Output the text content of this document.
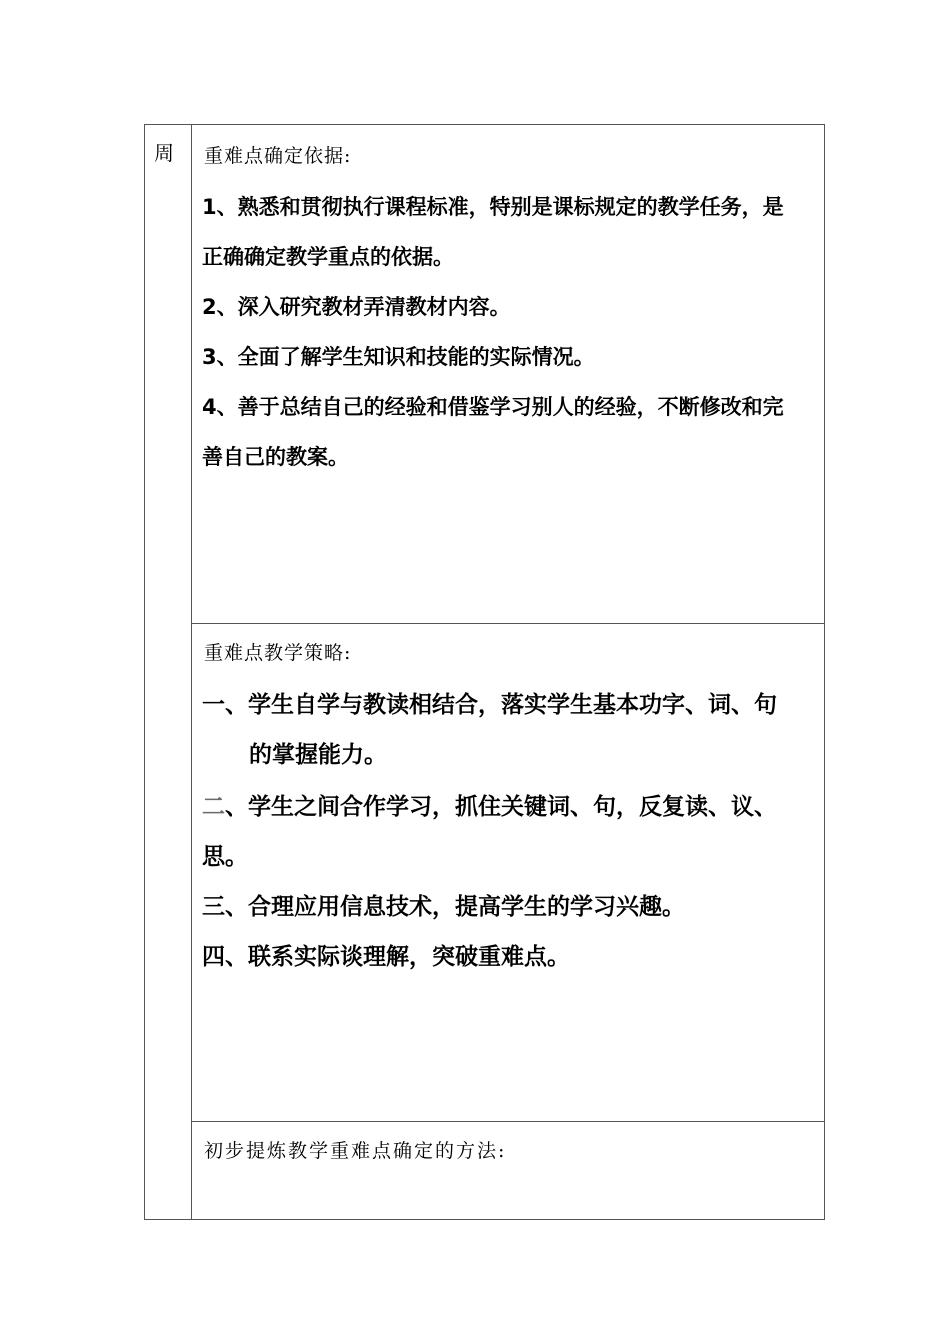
周 重难点确定依据:
1、熟悉和贯彻执行课程标准，特别是课标规定的教学任务，是
正确确定教学重点的依据。
2、深入研究教材弄清教材内容。
3、全面了解学生知识和技能的实际情况。
4、善于总结自己的经验和借鉴学习别人的经验，不断修改和完
善自己的教案。
重难点教学策略:
一、学生自学与教读相结合，落实学生基本功字、词、句
的掌握能力。
二、学生之间合作学习，抓住关键词、句，反复读、议、
思。
三、合理应用信息技术，提高学生的学习兴趣。
四、联系实际谈理解，突破重难点。
初步提炼教学重难点确定的方法:
